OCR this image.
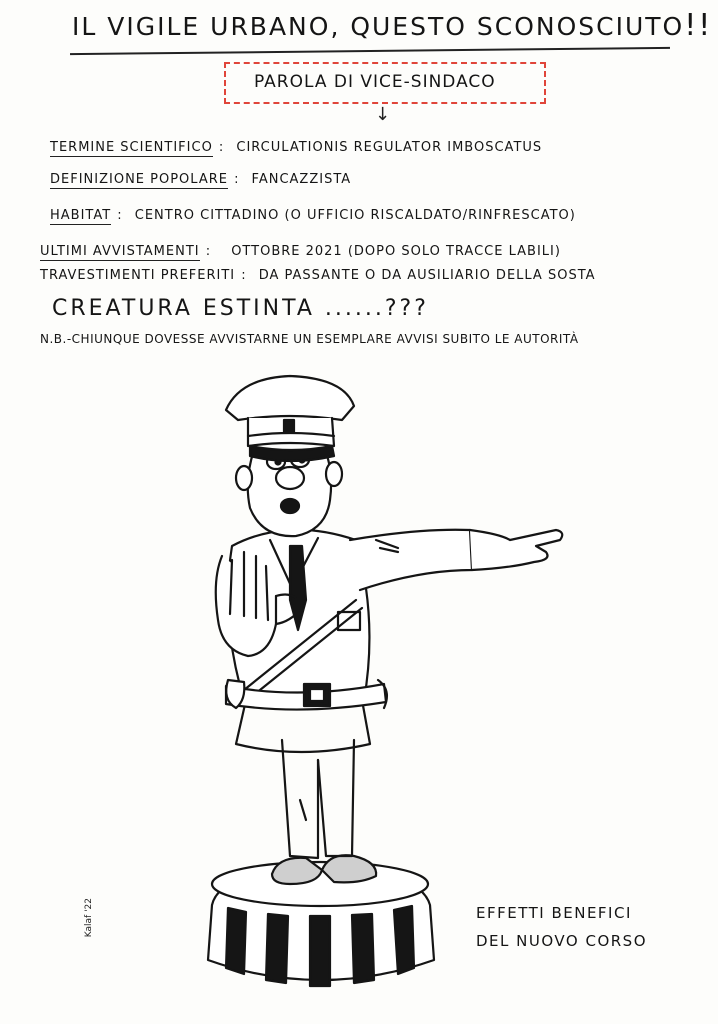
IL VIGILE URBANO, QUESTO SCONOSCIUTO!!
PAROLA DI VICE-SINDACO
↓
TERMINE SCIENTIFICO : CIRCULATIONIS REGULATOR IMBOSCATUS
DEFINIZIONE POPOLARE : FANCAZZISTA
HABITAT : CENTRO CITTADINO (O UFFICIO RISCALDATO/RINFRESCATO)
ULTIMI AVVISTAMENTI : OTTOBRE 2021 (DOPO SOLO TRACCE LABILI)
TRAVESTIMENTI PREFERITI : DA PASSANTE O DA AUSILIARIO DELLA SOSTA
CREATURA ESTINTA ......???
N.B.-CHIUNQUE DOVESSE AVVISTARNE UN ESEMPLARE AVVISI SUBITO LE AUTORITÀ
EFFETTI BENEFICI
DEL NUOVO CORSO
Kalaf '22
